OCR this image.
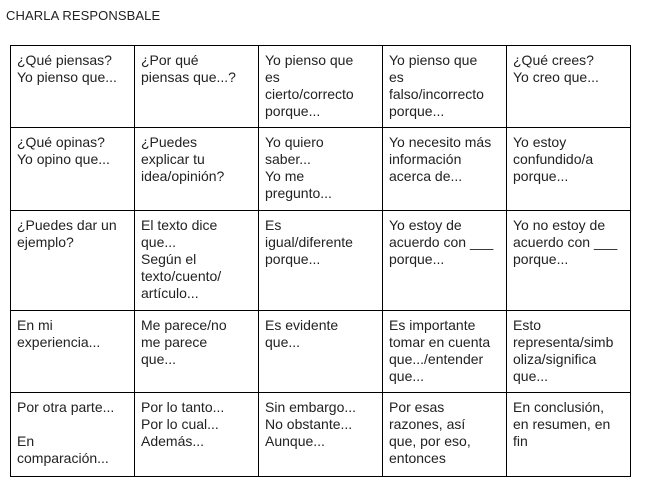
CHARLA RESPONSBALE
¿Qué piensas?
Yo pienso que...	¿Por qué
piensas que...?	Yo pienso que
es
cierto/correcto
porque...	Yo pienso que
es
falso/incorrecto
porque...	¿Qué crees?
Yo creo que...

¿Qué opinas?
Yo opino que...	¿Puedes
explicar tu
idea/opinión?	Yo quiero
saber...
Yo me
pregunto...	Yo necesito más
información
acerca de...	Yo estoy
confundido/a
porque...

¿Puedes dar un
ejemplo?	El texto dice
que...
Según el
texto/cuento/
artículo...	Es
igual/diferente
porque...	Yo estoy de
acuerdo con ___
porque...	Yo no estoy de
acuerdo con ___
porque...

En mi
experiencia...	Me parece/no
me parece
que...	Es evidente
que...	Es importante
tomar en cuenta
que.../entender
que...	Esto
representa/simb
oliza/significa
que...

Por otra parte...

En
comparación...	Por lo tanto...
Por lo cual...
Además...	Sin embargo...
No obstante...
Aunque...	Por esas
razones, así
que, por eso,
entonces	En conclusión,
en resumen, en
fin
